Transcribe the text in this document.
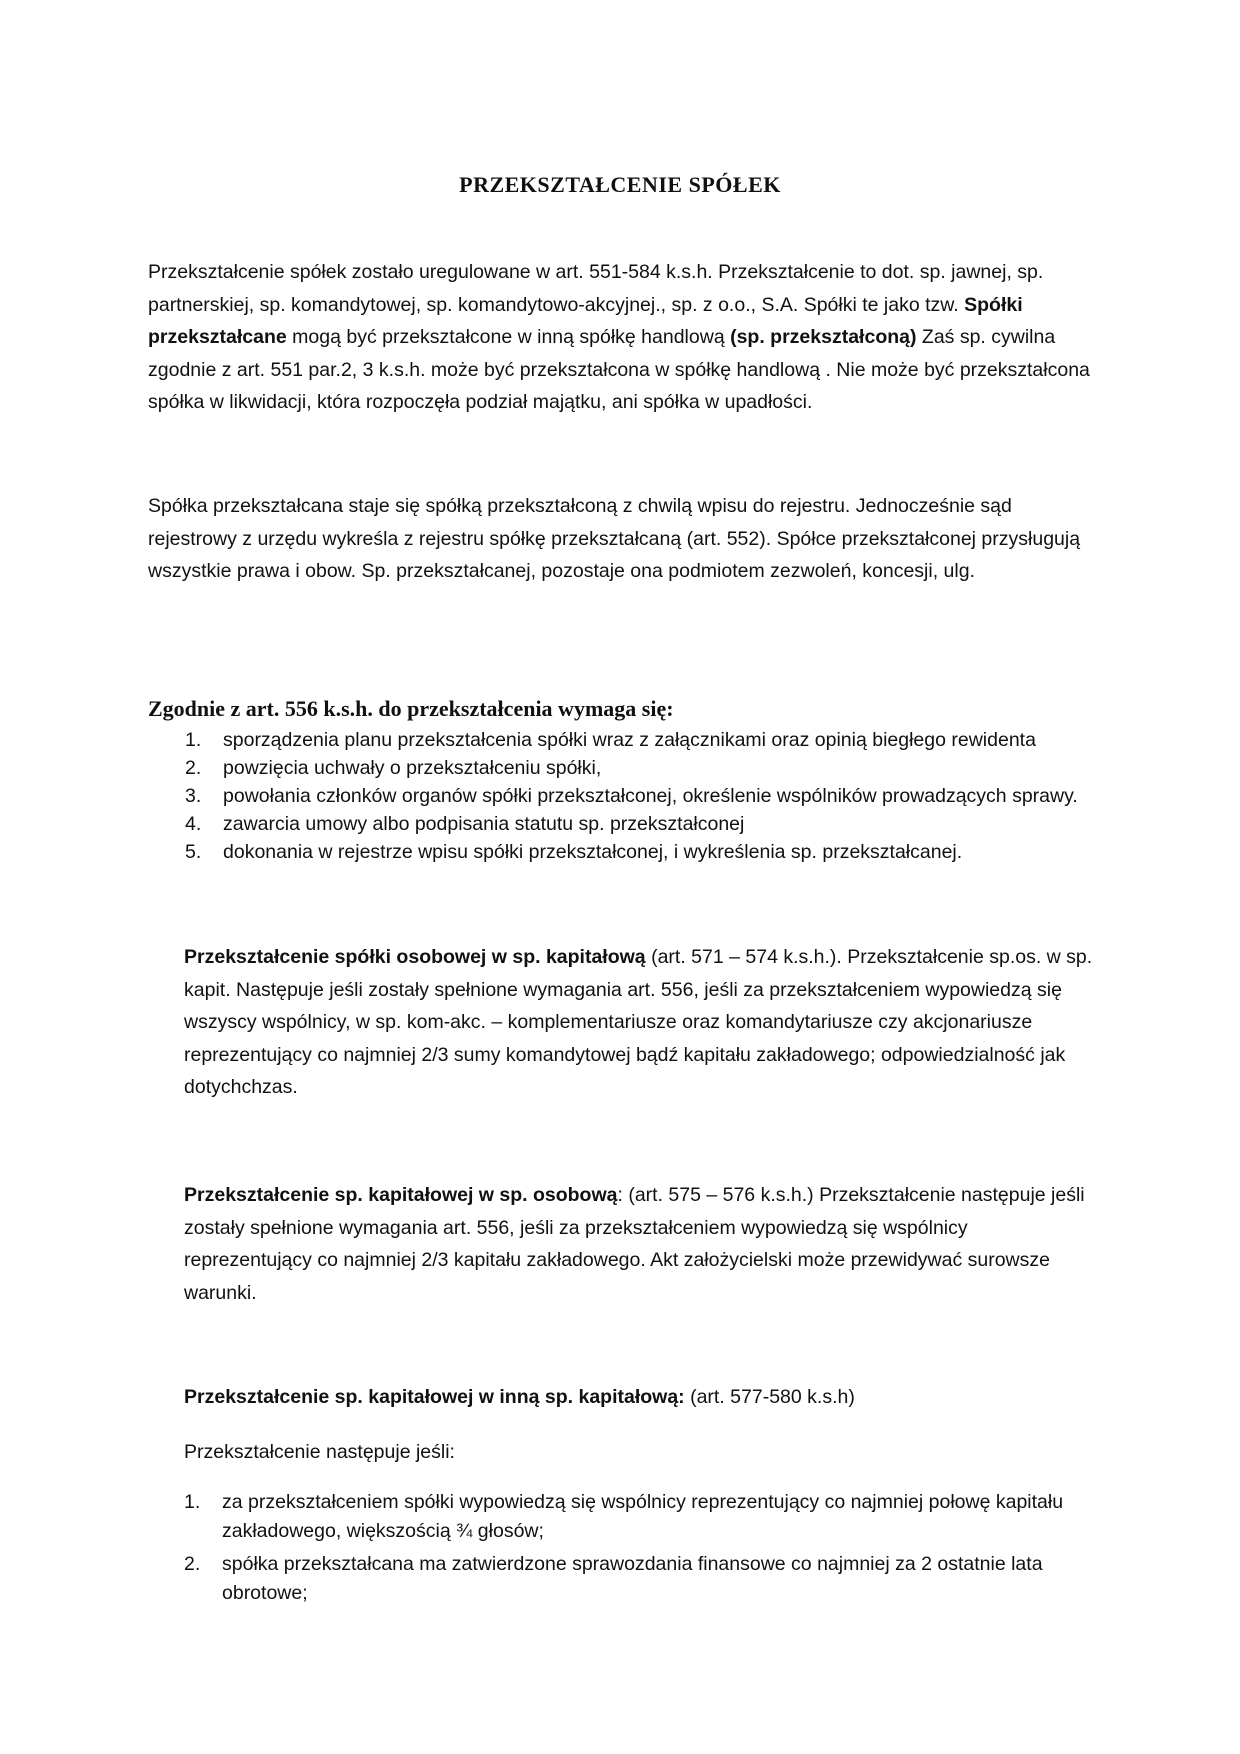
PRZEKSZTAŁCENIE SPÓŁEK

Przekształcenie spółek zostało uregulowane w art. 551-584 k.s.h. Przekształcenie to dot. sp. jawnej, sp. partnerskiej, sp. komandytowej, sp. komandytowo-akcyjnej., sp. z o.o., S.A. Spółki te jako tzw. Spółki przekształcane mogą być przekształcone w inną spółkę handlową (sp. przekształconą) Zaś sp. cywilna zgodnie z art. 551 par.2, 3 k.s.h. może być przekształcona w spółkę handlową . Nie może być przekształcona spółka w likwidacji, która rozpoczęła podział majątku, ani spółka w upadłości.

Spółka przekształcana staje się spółką przekształconą z chwilą wpisu do rejestru. Jednocześnie sąd rejestrowy z urzędu wykreśla z rejestru spółkę przekształcaną (art. 552). Spółce przekształconej przysługują wszystkie prawa i obow. Sp. przekształcanej, pozostaje ona podmiotem zezwoleń, koncesji, ulg.

Zgodnie z art. 556 k.s.h. do przekształcenia wymaga się:
1. sporządzenia planu przekształcenia spółki wraz z załącznikami oraz opinią biegłego rewidenta
2. powzięcia uchwały o przekształceniu spółki,
3. powołania członków organów spółki przekształconej, określenie wspólników prowadzących sprawy.
4. zawarcia umowy albo podpisania statutu sp. przekształconej
5. dokonania w rejestrze wpisu spółki przekształconej, i wykreślenia sp. przekształcanej.

Przekształcenie spółki osobowej w sp. kapitałową (art. 571 – 574 k.s.h.). Przekształcenie sp.os. w sp. kapit. Następuje jeśli zostały spełnione wymagania art. 556, jeśli za przekształceniem wypowiedzą się wszyscy wspólnicy, w sp. kom-akc. – komplementariusze oraz komandytariusze czy akcjonariusze reprezentujący co najmniej 2/3 sumy komandytowej bądź kapitału zakładowego; odpowiedzialność jak dotychchzas.

Przekształcenie sp. kapitałowej w sp. osobową: (art. 575 – 576 k.s.h.) Przekształcenie następuje jeśli zostały spełnione wymagania art. 556, jeśli za przekształceniem wypowiedzą się wspólnicy reprezentujący co najmniej 2/3 kapitału zakładowego. Akt założycielski może przewidywać surowsze warunki.

Przekształcenie sp. kapitałowej w inną sp. kapitałową: (art. 577-580 k.s.h)

Przekształcenie następuje jeśli:

1. za przekształceniem spółki wypowiedzą się wspólnicy reprezentujący co najmniej połowę kapitału zakładowego, większością ¾ głosów;
2. spółka przekształcana ma zatwierdzone sprawozdania finansowe co najmniej za 2 ostatnie lata obrotowe;
